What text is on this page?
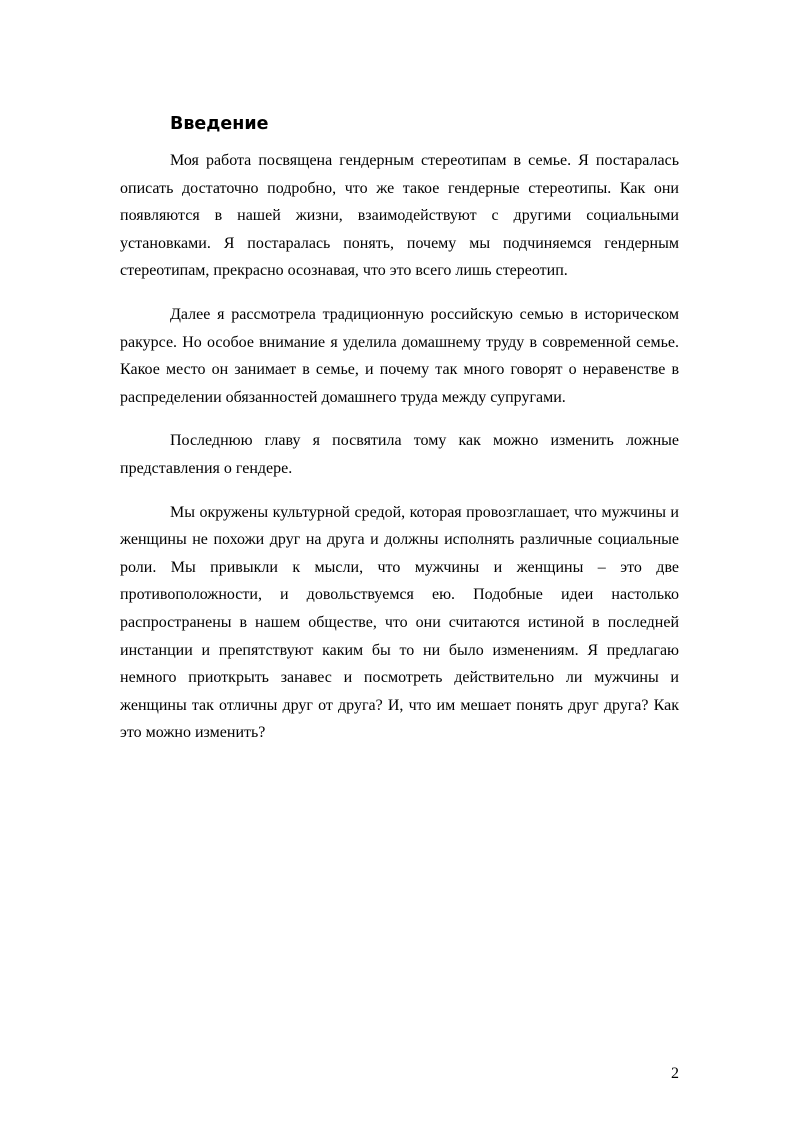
Введение

Моя работа посвящена гендерным стереотипам в семье. Я постаралась описать достаточно подробно, что же такое гендерные стереотипы. Как они появляются в нашей жизни, взаимодействуют с другими социальными установками. Я постаралась понять, почему мы подчиняемся гендерным стереотипам, прекрасно осознавая, что это всего лишь стереотип.

Далее я рассмотрела традиционную российскую семью в историческом ракурсе. Но особое внимание я уделила домашнему труду в современной семье. Какое место он занимает в семье, и почему так много говорят о неравенстве в распределении обязанностей домашнего труда между супругами.

Последнюю главу я посвятила тому как можно изменить ложные представления о гендере.

Мы окружены культурной средой, которая провозглашает, что мужчины и женщины не похожи друг на друга и должны исполнять различные социальные роли. Мы привыкли к мысли, что мужчины и женщины – это две противоположности, и довольствуемся ею. Подобные идеи настолько распространены в нашем обществе, что они считаются истиной в последней инстанции и препятствуют каким бы то ни было изменениям. Я предлагаю немного приоткрыть занавес и посмотреть действительно ли мужчины и женщины так отличны друг от друга? И, что им мешает понять друг друга? Как это можно изменить?

2
